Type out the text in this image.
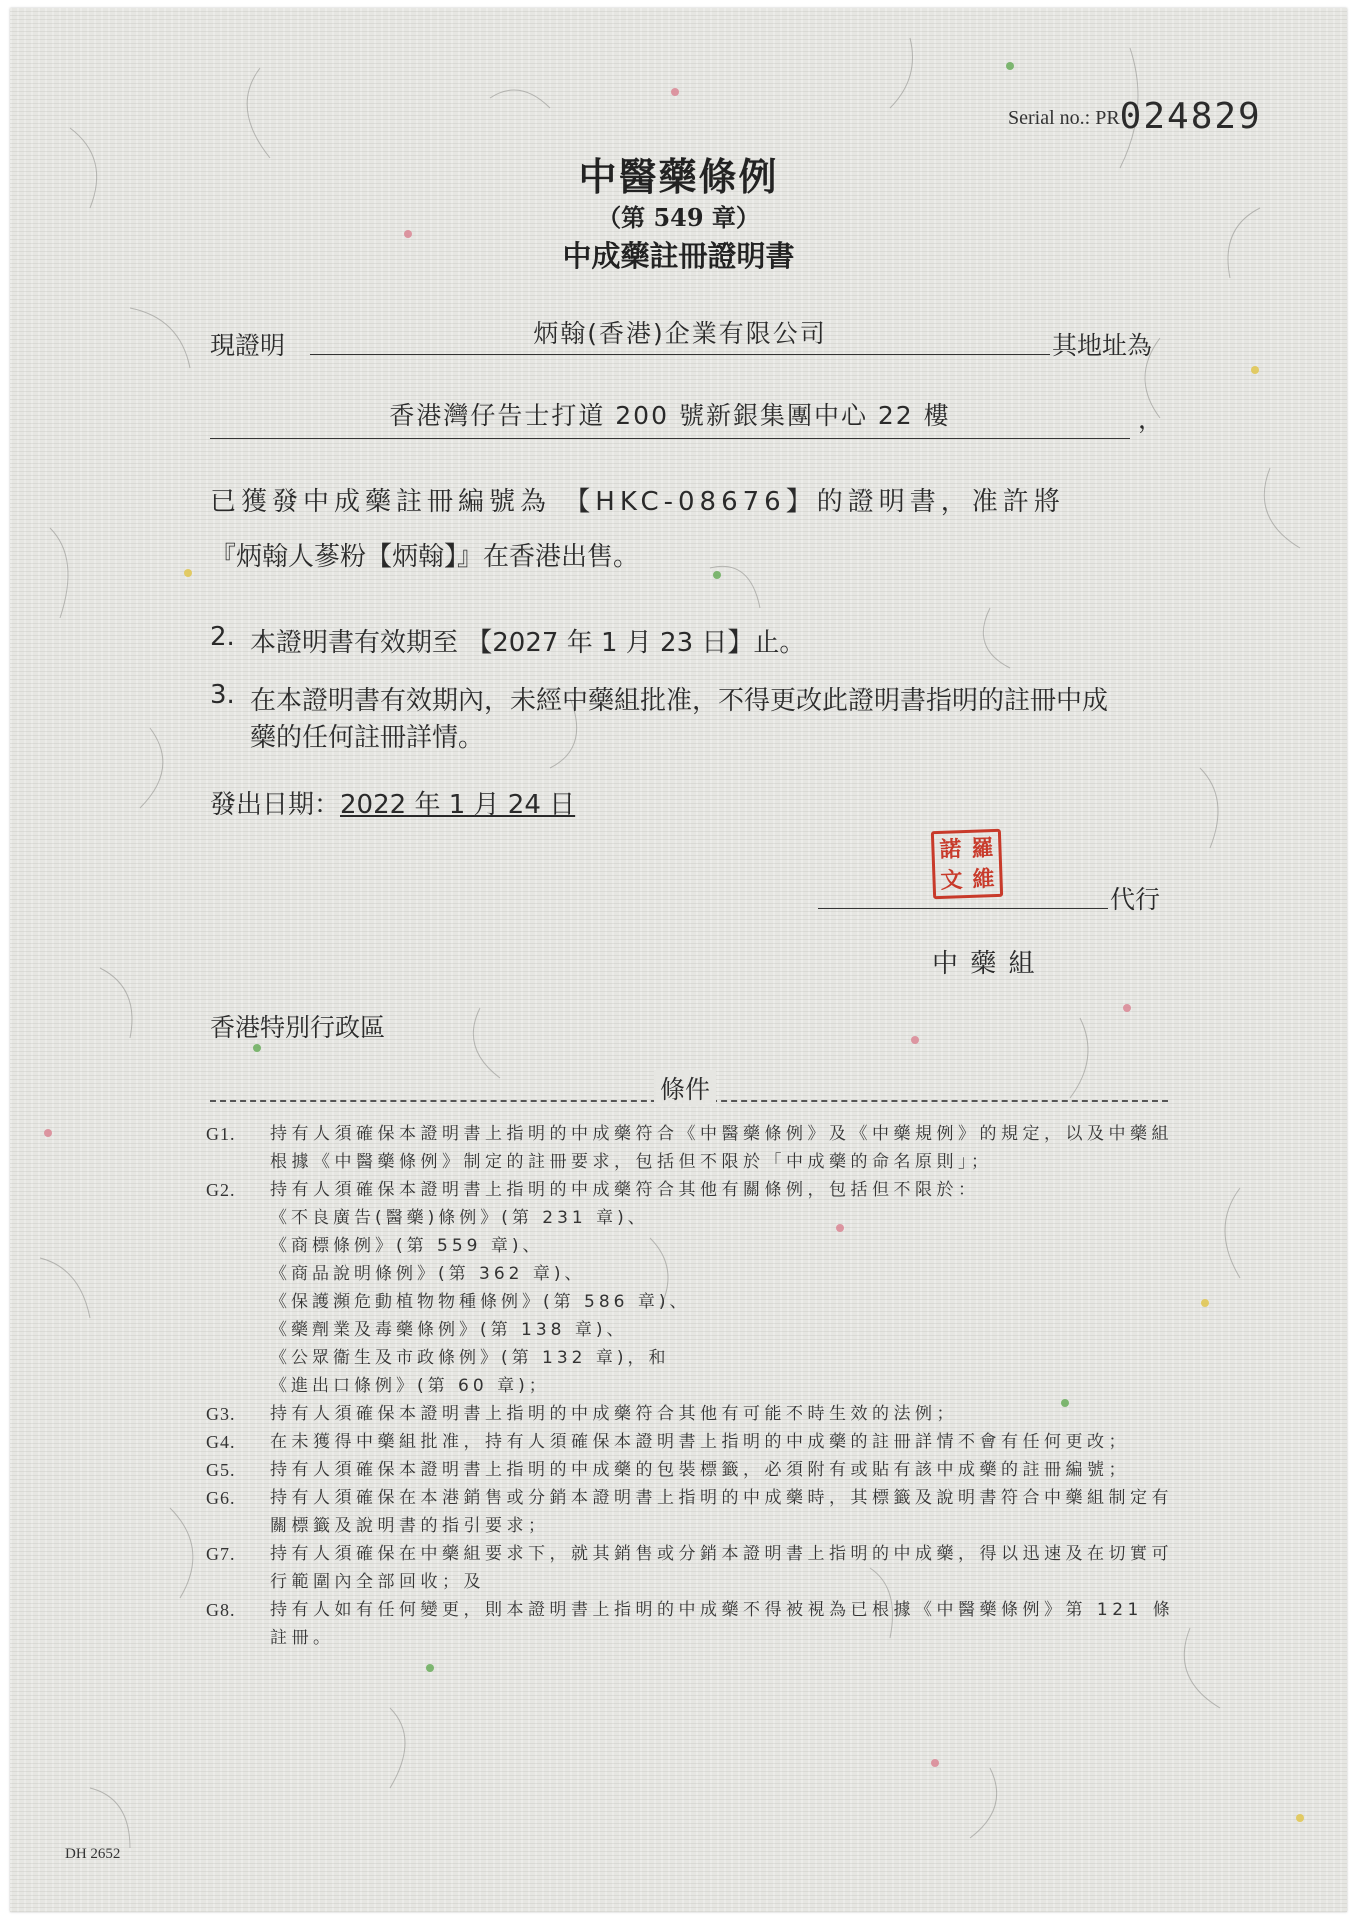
Serial no.: PR024829
中醫藥條例
（第 549 章）
中成藥註冊證明書
現證明	炳翰(香港)企業有限公司	其地址為
香港灣仔告士打道 200 號新銀集團中心 22 樓	，
已獲發中成藥註冊編號為 【HKC-08676】的證明書，准許將
『炳翰人蔘粉【炳翰】』在香港出售。
2. 本證明書有效期至 【2027 年 1 月 23 日】止。
3. 在本證明書有效期內，未經中藥組批准，不得更改此證明書指明的註冊中成
藥的任何註冊詳情。
發出日期：2022 年 1 月 24 日
諾 羅
文 維
代行
中 藥 組
香港特別行政區
條件
G1.	持有人須確保本證明書上指明的中成藥符合《中醫藥條例》及《中藥規例》的規定，以及中藥組根據《中醫藥條例》制定的註冊要求，包括但不限於「中成藥的命名原則」；
G2.	持有人須確保本證明書上指明的中成藥符合其他有關條例，包括但不限於：
《不良廣告(醫藥)條例》(第 231 章)、
《商標條例》(第 559 章)、
《商品說明條例》(第 362 章)、
《保護瀕危動植物物種條例》(第 586 章)、
《藥劑業及毒藥條例》(第 138 章)、
《公眾衞生及市政條例》(第 132 章)，和
《進出口條例》(第 60 章)；
G3.	持有人須確保本證明書上指明的中成藥符合其他有可能不時生效的法例；
G4.	在未獲得中藥組批准，持有人須確保本證明書上指明的中成藥的註冊詳情不會有任何更改；
G5.	持有人須確保本證明書上指明的中成藥的包裝標籤，必須附有或貼有該中成藥的註冊編號；
G6.	持有人須確保在本港銷售或分銷本證明書上指明的中成藥時，其標籤及說明書符合中藥組制定有關標籤及說明書的指引要求；
G7.	持有人須確保在中藥組要求下，就其銷售或分銷本證明書上指明的中成藥，得以迅速及在切實可行範圍內全部回收；及
G8.	持有人如有任何變更，則本證明書上指明的中成藥不得被視為已根據《中醫藥條例》第 121 條註冊。
DH 2652
